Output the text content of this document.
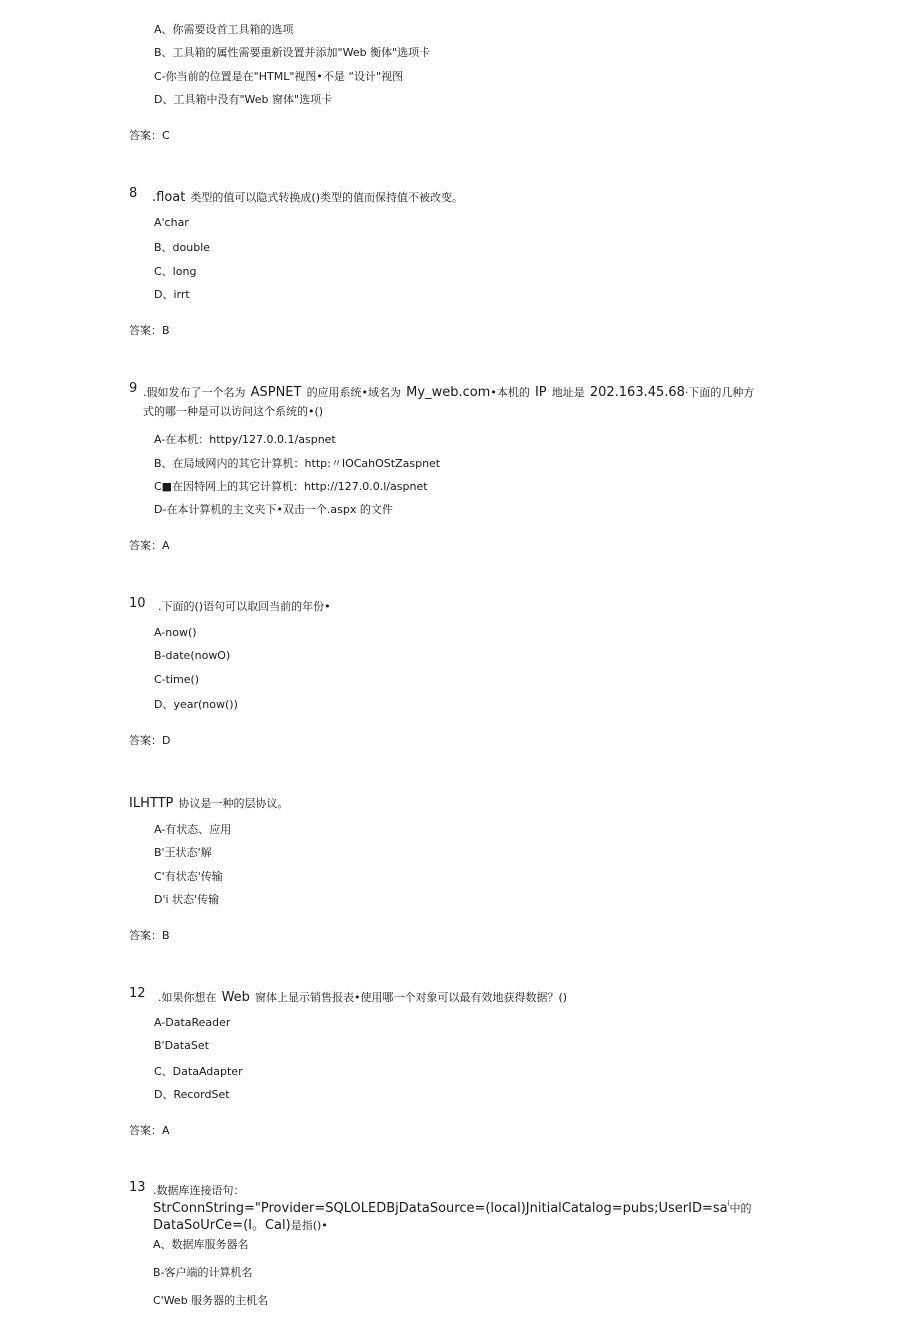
A、你需要设首工具箱的选项
B、工具箱的属性需要重新设置并添加"Web 衡体"选项卡
C-你当前的位置是在"HTML"视图•不是 “设计"视图
D、工具箱中没有"Web 窗体"选项卡
答案：C
8 .float 类型的值可以隐式转换成()类型的值而保持值不被改变。
A'char
B、double
C、long
D、irrt
答案：B
9 .假如发布了一个名为 ASPNET 的应用系统•域名为 My_web.com•本机的 IP 地址是 202.163.45.68·下面的几种方
式的哪一种是可以访问这个系统的•()
A-在本机：httpy/127.0.0.1/aspnet
B、在局域网内的其它计算机：http:〃IOCahOStZaspnet
C■在因特网上的其它计算机：http://127.0.0.l/aspnet
D-在本计算机的主文夹下•双击一个.aspx 的文件
答案：A
10 .下面的()语句可以取回当前的年份•
A-now()
B-date(nowO)
C-time()
D、year(now())
答案：D
ILHTTP 协议是一种的层协议。
A-有状态、应用
B'王状态'解
C'有状态'传输
D'i 状态'传输
答案：B
12 .如果你想在 Web 窗体上显示销售报表•使用哪一个对象可以最有效地获得数据？()
A-DataReader
B'DataSet
C、DataAdapter
D、RecordSet
答案：A
13 .数据库连接语句：
$StrConnString="Provider=SQLOLEDBjDataSource=(local)JnitialCatalog=pubs;UserID=sa^i$中的
DataSoUrCe=(I。Cal)是指()•
A、数据库服务器名
B-客户端的计算机名
C'Web 服务器的主机名
